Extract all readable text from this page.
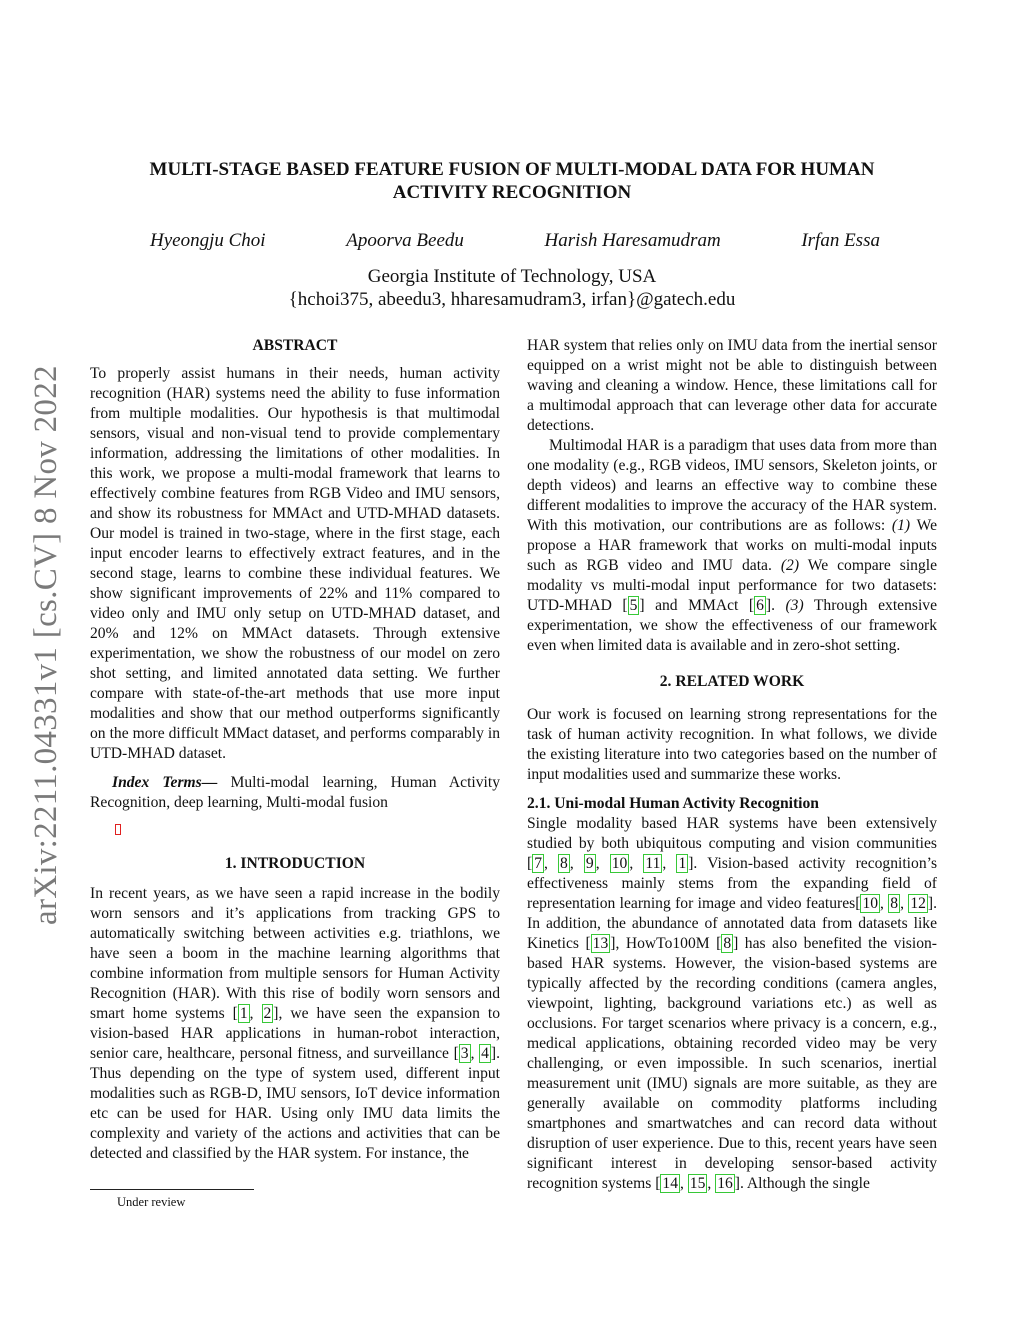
MULTI-STAGE BASED FEATURE FUSION OF MULTI-MODAL DATA FOR HUMAN
ACTIVITY RECOGNITION
Hyeongju Choi	Apoorva Beedu	Harish Haresamudram	Irfan Essa
Georgia Institute of Technology, USA
{hchoi375, abeedu3, hharesamudram3, irfan}@gatech.edu
arXiv:2211.04331v1 [cs.CV] 8 Nov 2022
ABSTRACT

To properly assist humans in their needs, human activity recognition (HAR) systems need the ability to fuse information from multiple modalities. Our hypothesis is that multimodal sensors, visual and non-visual tend to provide complementary information, addressing the limitations of other modalities. In this work, we propose a multi-modal framework that learns to effectively combine features from RGB Video and IMU sensors, and show its robustness for MMAct and UTD-MHAD datasets. Our model is trained in two-stage, where in the first stage, each input encoder learns to effectively extract features, and in the second stage, learns to combine these individual features. We show significant improvements of 22% and 11% compared to video only and IMU only setup on UTD-MHAD dataset, and 20% and 12% on MMAct datasets. Through extensive experimentation, we show the robustness of our model on zero shot setting, and limited annotated data setting. We further compare with state-of-the-art methods that use more input modalities and show that our method outperforms significantly on the more difficult MMact dataset, and performs comparably in UTD-MHAD dataset.

Index Terms— Multi-modal learning, Human Activity Recognition, deep learning, Multi-modal fusion

1. INTRODUCTION

In recent years, as we have seen a rapid increase in the bodily worn sensors and it’s applications from tracking GPS to automatically switching between activities e.g. triathlons, we have seen a boom in the machine learning algorithms that combine information from multiple sensors for Human Activity Recognition (HAR). With this rise of bodily worn sensors and smart home systems [ 1 , 2 ], we have seen the expansion to vision-based HAR applications in human-robot interaction, senior care, healthcare, personal fitness, and surveillance [ 3 , 4 ]. Thus depending on the type of system used, different input modalities such as RGB-D, IMU sensors, IoT device information etc can be used for HAR. Using only IMU data limits the complexity and variety of the actions and activities that can be detected and classified by the HAR system. For instance, the

HAR system that relies only on IMU data from the inertial sensor equipped on a wrist might not be able to distinguish between waving and cleaning a window. Hence, these limitations call for a multimodal approach that can leverage other data for accurate detections.

Multimodal HAR is a paradigm that uses data from more than one modality (e.g., RGB videos, IMU sensors, Skeleton joints, or depth videos) and learns an effective way to combine these different modalities to improve the accuracy of the HAR system. With this motivation, our contributions are as follows: (1) We propose a HAR framework that works on multi-modal inputs such as RGB video and IMU data. (2) We compare single modality vs multi-modal input performance for two datasets: UTD-MHAD [ 5 ] and MMAct [ 6 ]. (3) Through extensive experimentation, we show the effectiveness of our framework even when limited data is available and in zero-shot setting.

2. RELATED WORK

Our work is focused on learning strong representations for the task of human activity recognition. In what follows, we divide the existing literature into two categories based on the number of input modalities used and summarize these works.

2.1. Uni-modal Human Activity Recognition

Single modality based HAR systems have been extensively studied by both ubiquitous computing and vision communities [ 7 , 8 , 9 , 10 , 11 , 1 ]. Vision-based activity recognition’s effectiveness mainly stems from the expanding field of representation learning for image and video features[ 10 , 8 , 12 ]. In addition, the abundance of annotated data from datasets like Kinetics [ 13 ], HowTo100M [ 8 ] has also benefited the vision-based HAR systems. However, the vision-based systems are typically affected by the recording conditions (camera angles, viewpoint, lighting, background variations etc.) as well as occlusions. For target scenarios where privacy is a concern, e.g., medical applications, obtaining recorded video may be very challenging, or even impossible. In such scenarios, inertial measurement unit (IMU) signals are more suitable, as they are generally available on commodity platforms including smartphones and smartwatches and can record data without disruption of user experience. Due to this, recent years have seen significant interest in developing sensor-based activity recognition systems [ 14 , 15 , 16 ]. Although the single

Under review
